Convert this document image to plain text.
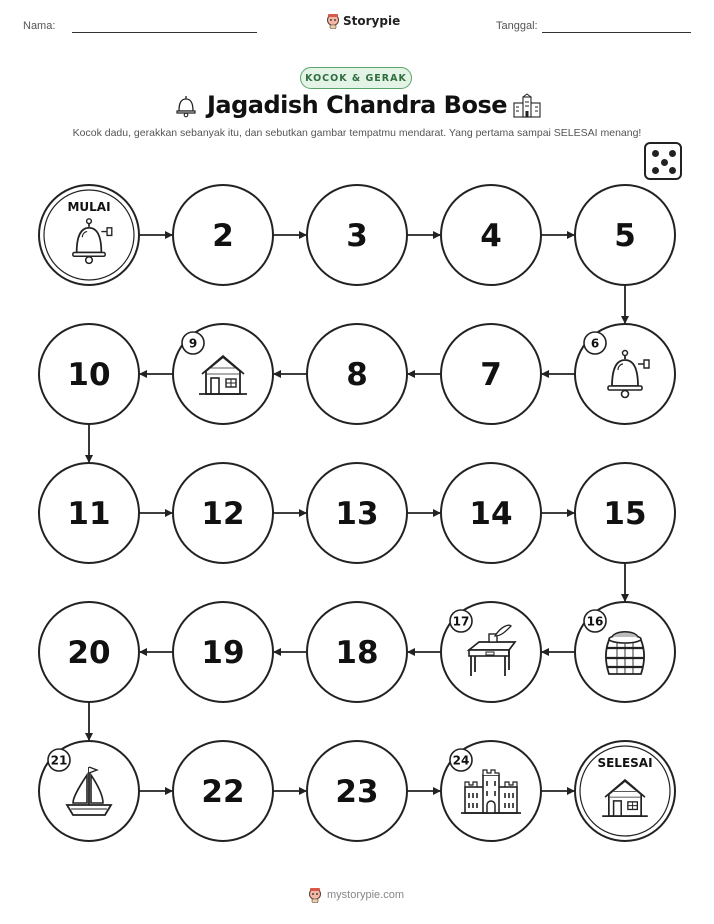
Nama:	Storypie	Tanggal:
KOCOK & GERAK
Jagadish Chandra Bose
Kocok dadu, gerakkan sebanyak itu, dan sebutkan gambar tempatmu mendarat. Yang pertama sampai SELESAI menang!
MULAI
2	3	4	5
6
7
8
9
10
11	12	13	14	15
16
17
18
19
20
21
22	23
24	SELESAI
mystorypie.com
